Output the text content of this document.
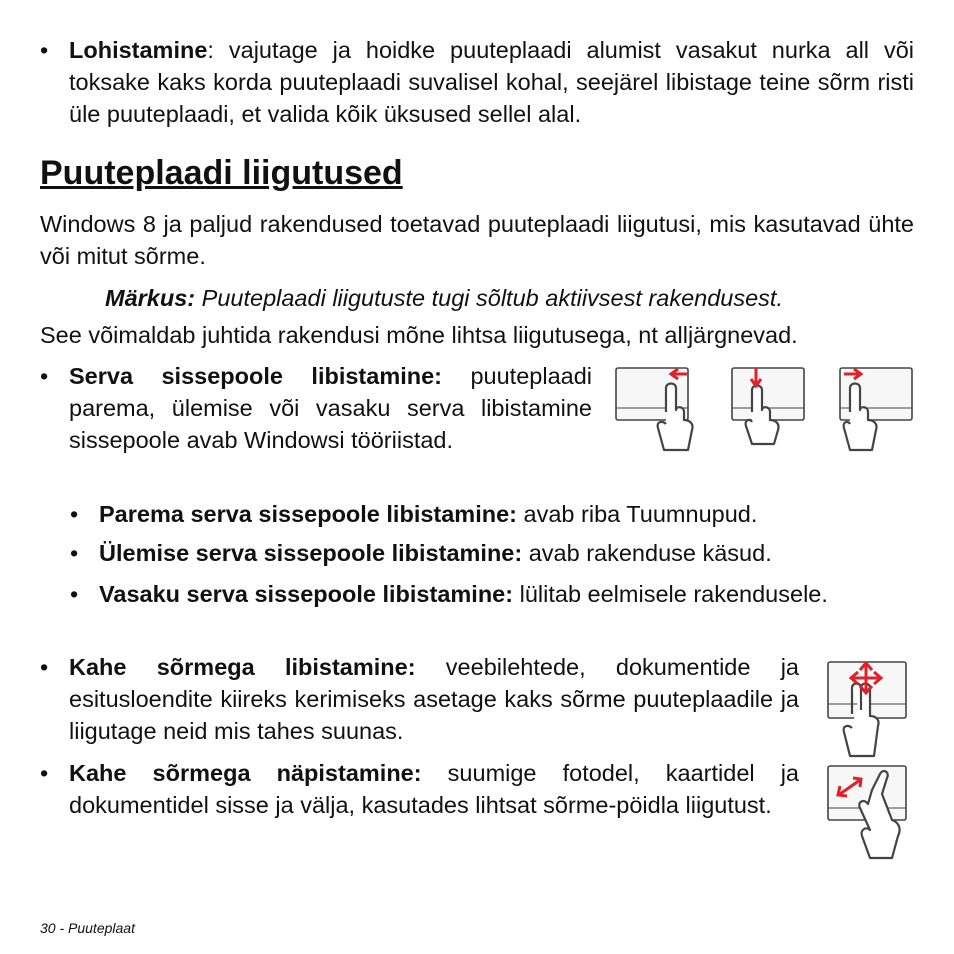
• Lohistamine: vajutage ja hoidke puuteplaadi alumist vasakut nurka all või toksake kaks korda puuteplaadi suvalisel kohal, seejärel libistage teine sõrm risti üle puuteplaadi, et valida kõik üksused sellel alal.
Puuteplaadi liigutused
Windows 8 ja paljud rakendused toetavad puuteplaadi liigutusi, mis kasutavad ühte või mitut sõrme.
Märkus: Puuteplaadi liigutuste tugi sõltub aktiivsest rakendusest.
See võimaldab juhtida rakendusi mõne lihtsa liigutusega, nt alljärgnevad.
• Serva sissepoole libistamine: puuteplaadi parema, ülemise või vasaku serva libistamine sissepoole avab Windowsi tööriistad.
• Parema serva sissepoole libistamine: avab riba Tuumnupud.
• Ülemise serva sissepoole libistamine: avab rakenduse käsud.
• Vasaku serva sissepoole libistamine: lülitab eelmisele rakendusele.
• Kahe sõrmega libistamine: veebilehtede, dokumentide ja esitusloendite kiireks kerimiseks asetage kaks sõrme puuteplaadile ja liigutage neid mis tahes suunas.
• Kahe sõrmega näpistamine: suumige fotodel, kaartidel ja dokumentidel sisse ja välja, kasutades lihtsat sõrme-pöidla liigutust.
30 - Puuteplaat
